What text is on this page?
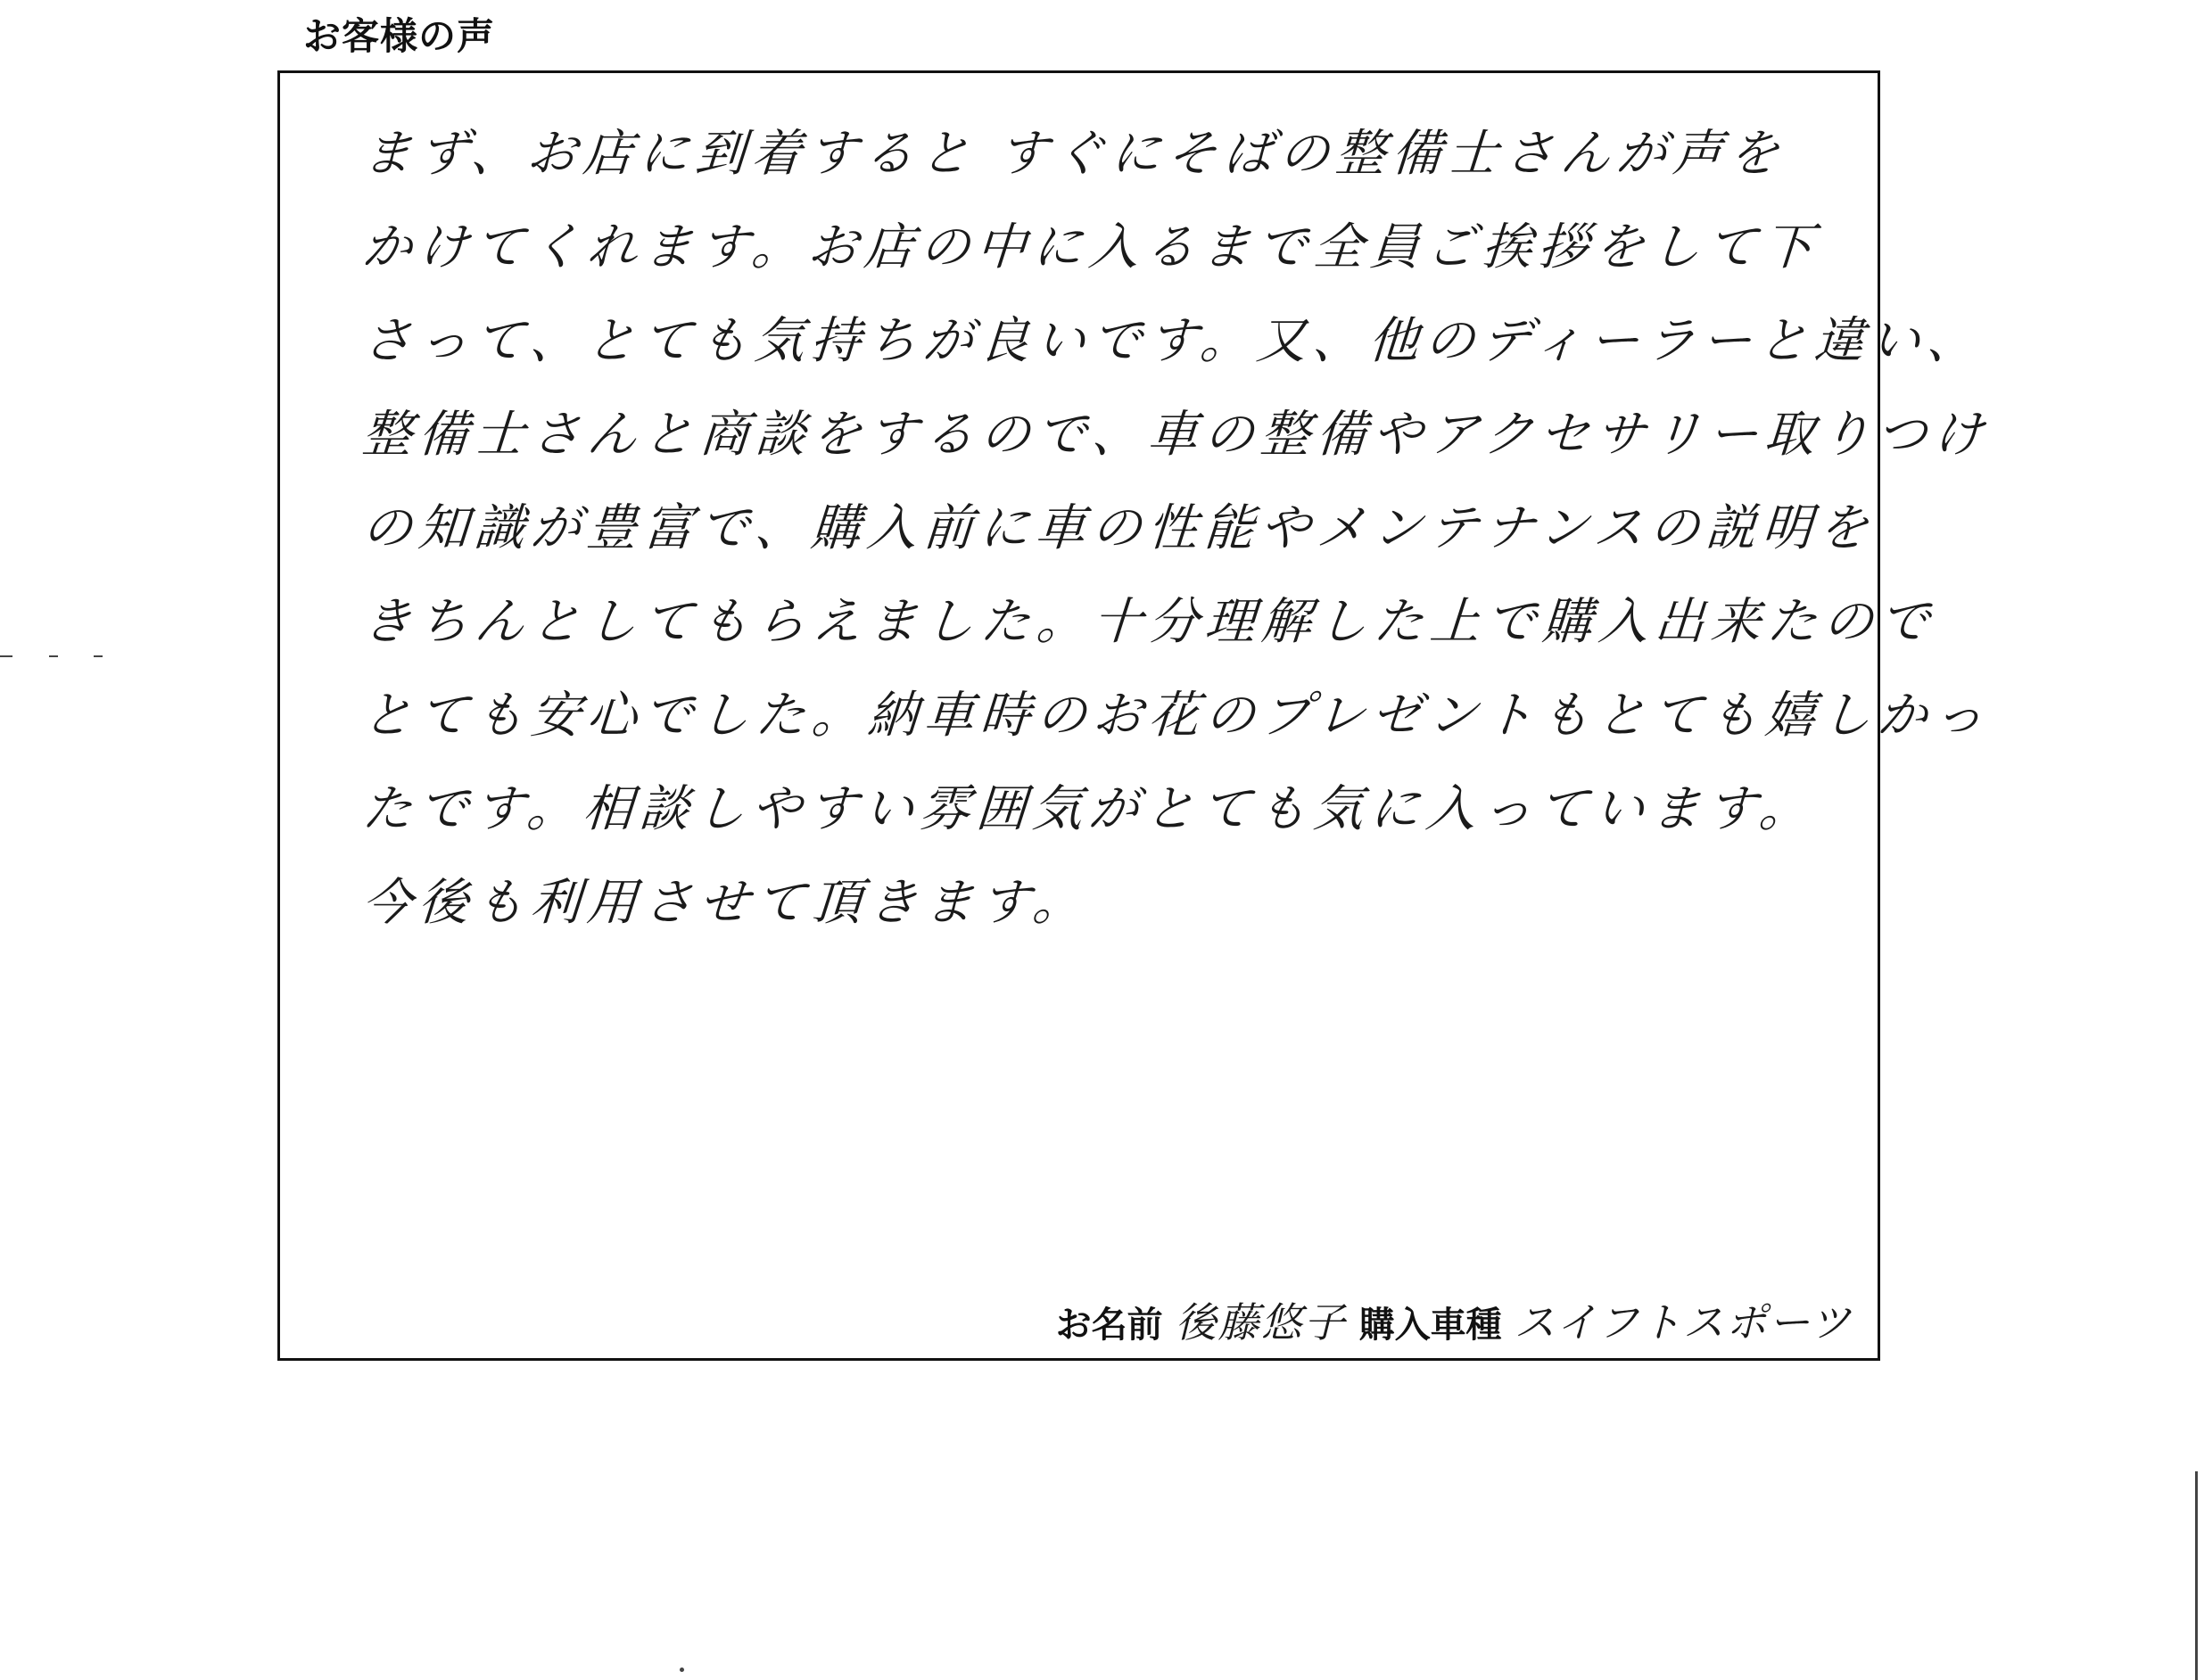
お客様の声
まず、お店に到着すると すぐにそばの整備士さんが声を
かけてくれます。お店の中に入るまで全員ご挨拶をして下
さって、とても気持ちが良いです。又、他のディーラーと違い、
整備士さんと商談をするので、車の整備やアクセサリー取りつけ
の知識が豊富で、購入前に車の性能やメンテナンスの説明を
きちんとしてもらえました。十分理解した上で購入出来たので
とても安心でした。納車時のお花のプレゼントもとても嬉しかっ
たです。相談しやすい雰囲気がとても気に入っています。
今後も利用させて頂きます。
お名前 後藤悠子 購入車種 スイフトスポーツ
